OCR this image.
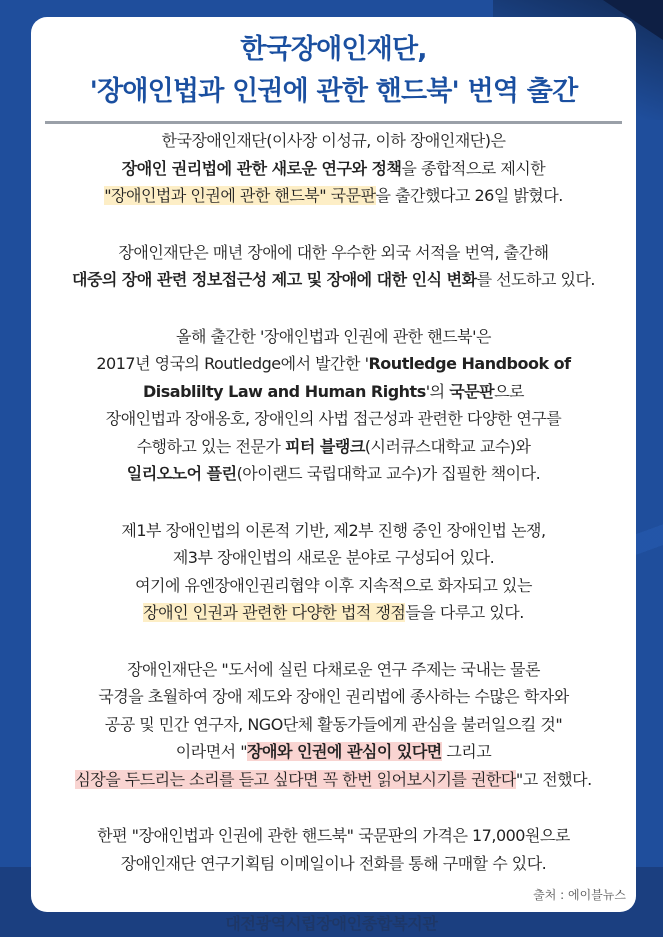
한국장애인재단,
'장애인법과 인권에 관한 핸드북' 번역 출간
한국장애인재단(이사장 이성규, 이하 장애인재단)은
장애인 권리법에 관한 새로운 연구와 정책을 종합적으로 제시한
"장애인법과 인권에 관한 핸드북" 국문판을 출간했다고 26일 밝혔다.
장애인재단은 매년 장애에 대한 우수한 외국 서적을 번역, 출간해
대중의 장애 관련 정보접근성 제고 및 장애에 대한 인식 변화를 선도하고 있다.
올해 출간한 '장애인법과 인권에 관한 핸드북'은
2017년 영국의 Routledge에서 발간한 'Routledge Handbook of
Disablilty Law and Human Rights'의 국문판으로
장애인법과 장애옹호, 장애인의 사법 접근성과 관련한 다양한 연구를
수행하고 있는 전문가 피터 블랭크(시러큐스대학교 교수)와
일리오노어 플린(아이랜드 국립대학교 교수)가 집필한 책이다.
제1부 장애인법의 이론적 기반, 제2부 진행 중인 장애인법 논쟁,
제3부 장애인법의 새로운 분야로 구성되어 있다.
여기에 유엔장애인권리협약 이후 지속적으로 화자되고 있는
장애인 인권과 관련한 다양한 법적 쟁점들을 다루고 있다.
장애인재단은 "도서에 실린 다채로운 연구 주제는 국내는 물론
국경을 초월하여 장애 제도와 장애인 권리법에 종사하는 수많은 학자와
공공 및 민간 연구자, NGO단체 활동가들에게 관심을 불러일으킬 것"
이라면서 "장애와 인권에 관심이 있다면 그리고
심장을 두드리는 소리를 듣고 싶다면 꼭 한번 읽어보시기를 권한다"고 전했다.
한편 "장애인법과 인권에 관한 핸드북" 국문판의 가격은 17,000원으로
장애인재단 연구기획팀 이메일이나 전화를 통해 구매할 수 있다.
출처 : 에이블뉴스
대전광역시립장애인종합복지관
